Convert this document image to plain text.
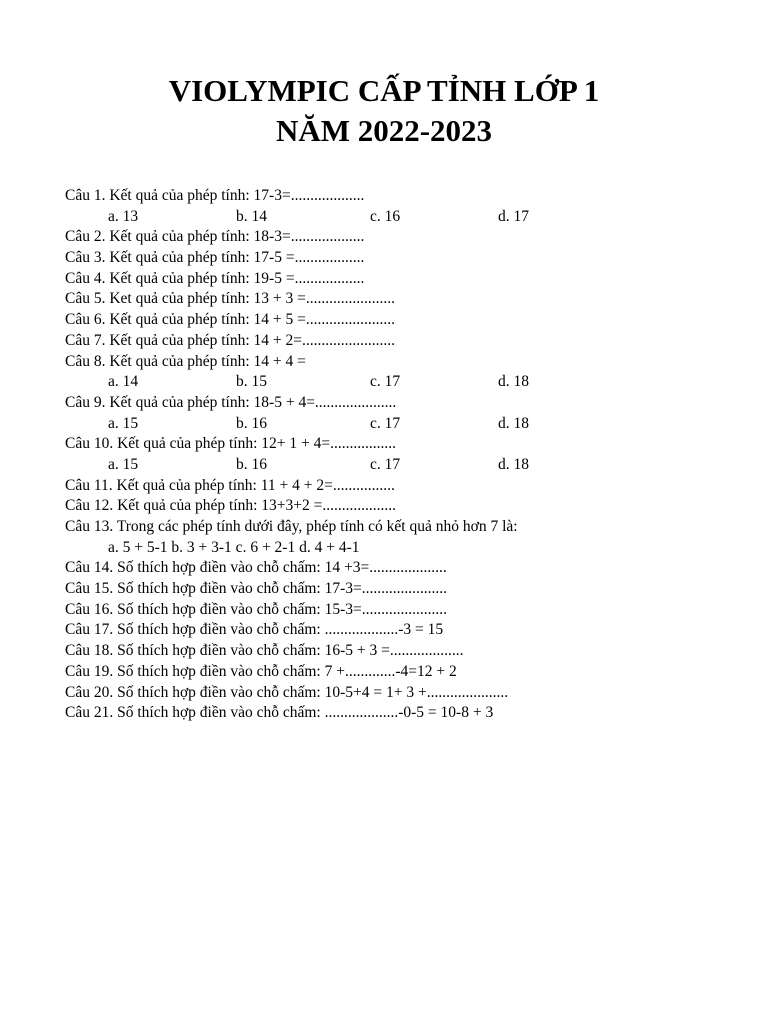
VIOLYMPIC CẤP TỈNH LỚP 1
NĂM 2022-2023
Câu 1. Kết quả của phép tính: 17-3=...................
a. 13	b. 14	c. 16	d. 17
Câu 2. Kết quả của phép tính: 18-3=...................
Câu 3. Kết quả của phép tính: 17-5 =..................
Câu 4. Kết quả của phép tính: 19-5 =..................
Câu 5. Ket quả của phép tính: 13 + 3 =.......................
Câu 6. Kết quả của phép tính: 14 + 5 =.......................
Câu 7. Kết quả của phép tính: 14 + 2=........................
Câu 8. Kết quả của phép tính: 14 + 4 =
a. 14	b. 15	c. 17	d. 18
Câu 9. Kết quả của phép tính: 18-5 + 4=.....................
a. 15	b. 16	c. 17	d. 18
Câu 10. Kết quả của phép tính: 12+ 1 + 4=.................
a. 15	b. 16	c. 17	d. 18
Câu 11. Kết quả của phép tính: 11 + 4 + 2=................
Câu 12. Kết quả của phép tính: 13+3+2 =...................
Câu 13. Trong các phép tính dưới đây, phép tính có kết quả nhỏ hơn 7 là:
a. 5 + 5-1 b. 3 + 3-1 c. 6 + 2-1 d. 4 + 4-1
Câu 14. Số thích hợp điền vào chỗ chấm: 14 +3=....................
Câu 15. Số thích hợp điền vào chỗ chấm: 17-3=......................
Câu 16. Số thích hợp điền vào chỗ chấm: 15-3=......................
Câu 17. Số thích hợp điền vào chỗ chấm: ...................-3 = 15
Câu 18. Số thích hợp điền vào chỗ chấm: 16-5 + 3 =...................
Câu 19. Số thích hợp điền vào chỗ chấm: 7 +.............-4=12 + 2
Câu 20. Số thích hợp điền vào chỗ chấm: 10-5+4 = 1+ 3 +.....................
Câu 21. Số thích hợp điền vào chỗ chấm: ...................-0-5 = 10-8 + 3
